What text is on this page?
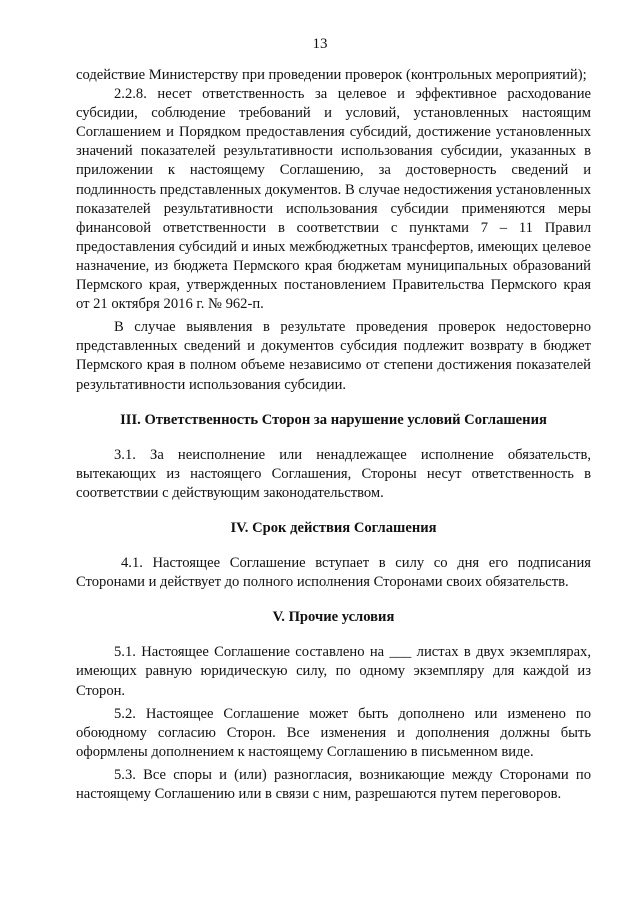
13

содействие Министерству при проведении проверок (контрольных мероприятий);

2.2.8. несет ответственность за целевое и эффективное расходование субсидии, соблюдение требований и условий, установленных настоящим Соглашением и Порядком предоставления субсидий, достижение установленных значений показателей результативности использования субсидии, указанных в приложении к настоящему Соглашению, за достоверность сведений и подлинность представленных документов. В случае недостижения установленных показателей результативности использования субсидии применяются меры финансовой ответственности в соответствии с пунктами 7 – 11 Правил предоставления субсидий и иных межбюджетных трансфертов, имеющих целевое назначение, из бюджета Пермского края бюджетам муниципальных образований Пермского края, утвержденных постановлением Правительства Пермского края от 21 октября 2016 г. № 962-п.

В случае выявления в результате проведения проверок недостоверно представленных сведений и документов субсидия подлежит возврату в бюджет Пермского края в полном объеме независимо от степени достижения показателей результативности использования субсидии.

III. Ответственность Сторон за нарушение условий Соглашения

3.1. За неисполнение или ненадлежащее исполнение обязательств, вытекающих из настоящего Соглашения, Стороны несут ответственность в соответствии с действующим законодательством.

IV. Срок действия Соглашения

4.1. Настоящее Соглашение вступает в силу со дня его подписания Сторонами и действует до полного исполнения Сторонами своих обязательств.

V. Прочие условия

5.1. Настоящее Соглашение составлено на ___ листах в двух экземплярах, имеющих равную юридическую силу, по одному экземпляру для каждой из Сторон.

5.2. Настоящее Соглашение может быть дополнено или изменено по обоюдному согласию Сторон. Все изменения и дополнения должны быть оформлены дополнением к настоящему Соглашению в письменном виде.

5.3. Все споры и (или) разногласия, возникающие между Сторонами по настоящему Соглашению или в связи с ним, разрешаются путем переговоров.
